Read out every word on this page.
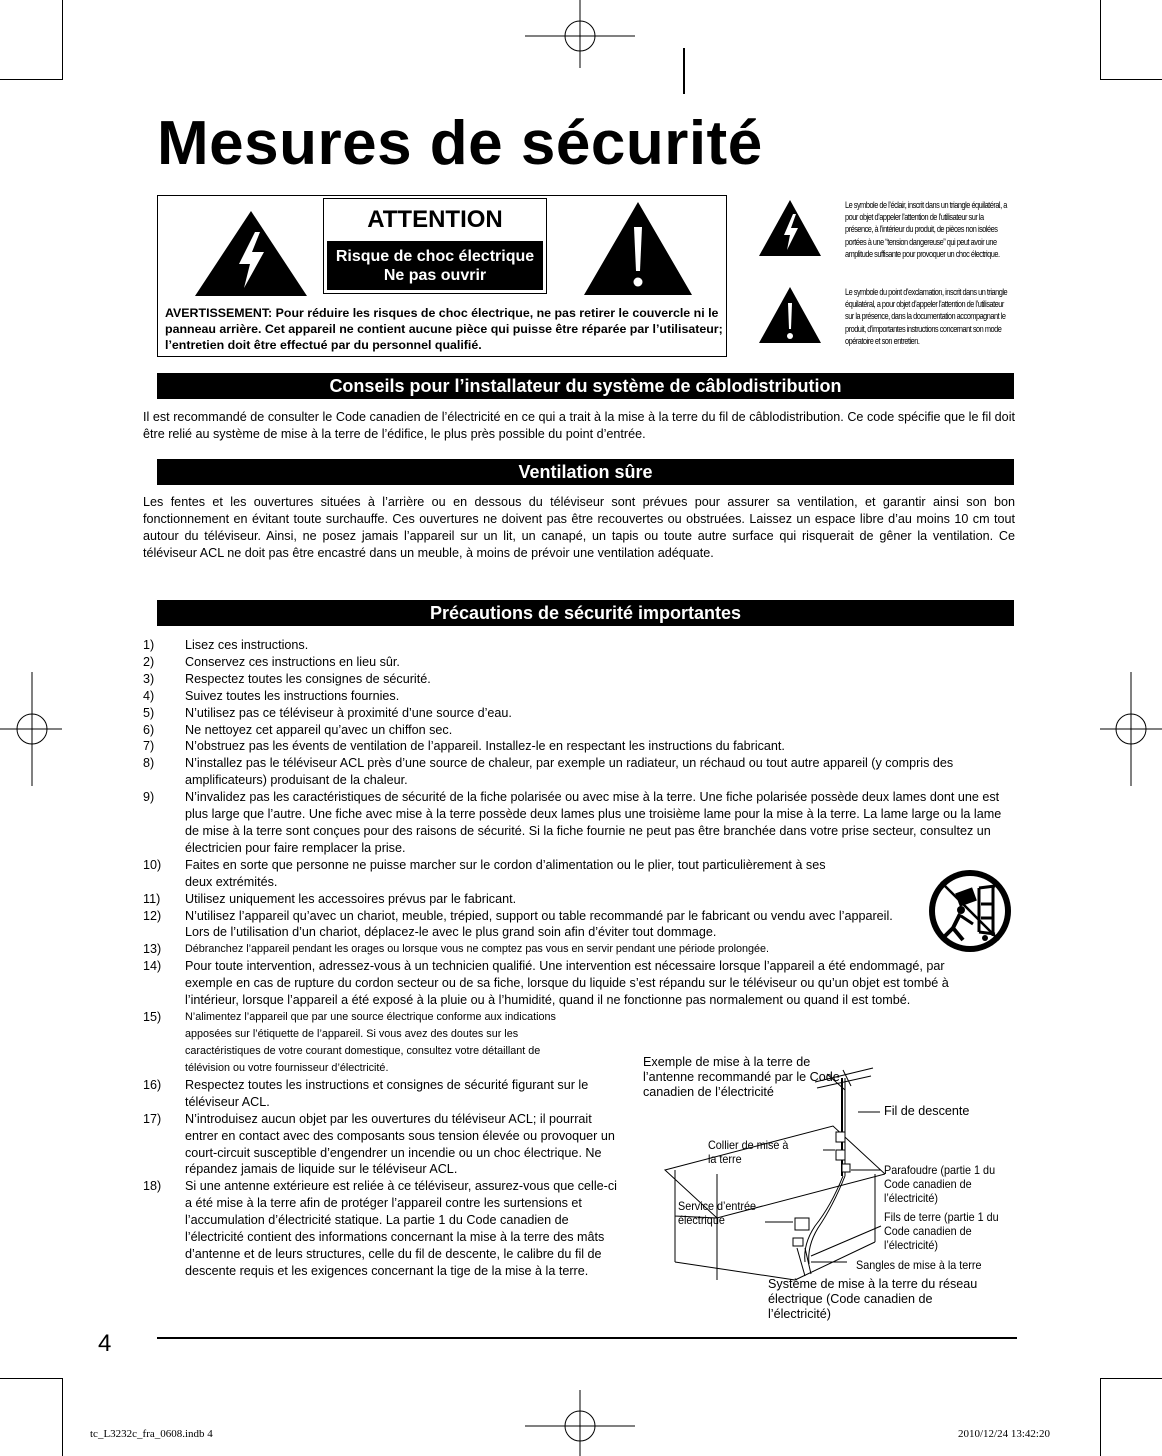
Mesures de sécurité
ATTENTION
Risque de choc électrique
Ne pas ouvrir
AVERTISSEMENT: Pour réduire les risques de choc électrique, ne pas retirer le couvercle ni le panneau arrière. Cet appareil ne contient aucune pièce qui puisse être réparée par l’utilisateur; l’entretien doit être effectué par du personnel qualifié.
Le symbole de l’éclair, inscrit dans un triangle équilatéral, a pour objet d’appeler l’attention de l’utilisateur sur la présence, à l’intérieur du produit, de pièces non isolées portées à une “tension dangereuse” qui peut avoir une amplitude suffisante pour provoquer un choc électrique.
Le symbole du point d’exclamation, inscrit dans un triangle équilatéral, a pour objet d’appeler l’attention de l’utilisateur sur la présence, dans la documentation accompagnant le produit, d’importantes instructions concernant son mode opératoire et son entretien.
Conseils pour l’installateur du système de câblodistribution
Il est recommandé de consulter le Code canadien de l’électricité en ce qui a trait à la mise à la terre du fil de câblodistribution. Ce code spécifie que le fil doit être relié au système de mise à la terre de l’édifice, le plus près possible du point d’entrée.
Ventilation sûre
Les fentes et les ouvertures situées à l’arrière ou en dessous du téléviseur sont prévues pour assurer sa ventilation, et garantir ainsi son bon fonctionnement en évitant toute surchauffe. Ces ouvertures ne doivent pas être recouvertes ou obstruées. Laissez un espace libre d’au moins 10 cm tout autour du téléviseur. Ainsi, ne posez jamais l’appareil sur un lit, un canapé, un tapis ou toute autre surface qui risquerait de gêner la ventilation. Ce téléviseur ACL ne doit pas être encastré dans un meuble, à moins de prévoir une ventilation adéquate.
Précautions de sécurité importantes
1)	Lisez ces instructions.
2)	Conservez ces instructions en lieu sûr.
3)	Respectez toutes les consignes de sécurité.
4)	Suivez toutes les instructions fournies.
5)	N’utilisez pas ce téléviseur à proximité d’une source d’eau.
6)	Ne nettoyez cet appareil qu’avec un chiffon sec.
7)	N’obstruez pas les évents de ventilation de l’appareil. Installez-le en respectant les instructions du fabricant.
8)	N’installez pas le téléviseur ACL près d’une source de chaleur, par exemple un radiateur, un réchaud ou tout autre appareil (y compris des amplificateurs) produisant de la chaleur.
9)	N’invalidez pas les caractéristiques de sécurité de la fiche polarisée ou avec mise à la terre. Une fiche polarisée possède deux lames dont une est plus large que l’autre. Une fiche avec mise à la terre possède deux lames plus une troisième lame pour la mise à la terre. La lame large ou la lame de mise à la terre sont conçues pour des raisons de sécurité. Si la fiche fournie ne peut pas être branchée dans votre prise secteur, consultez un électricien pour faire remplacer la prise.
10)	Faites en sorte que personne ne puisse marcher sur le cordon d’alimentation ou le plier, tout particulièrement à ses deux extrémités.
11)	Utilisez uniquement les accessoires prévus par le fabricant.
12)	N’utilisez l’appareil qu’avec un chariot, meuble, trépied, support ou table recommandé par le fabricant ou vendu avec l’appareil. Lors de l’utilisation d’un chariot, déplacez-le avec le plus grand soin afin d’éviter tout dommage.
13)	Débranchez l’appareil pendant les orages ou lorsque vous ne comptez pas vous en servir pendant une période prolongée.
14)	Pour toute intervention, adressez-vous à un technicien qualifié. Une intervention est nécessaire lorsque l’appareil a été endommagé, par exemple en cas de rupture du cordon secteur ou de sa fiche, lorsque du liquide s’est répandu sur le téléviseur ou qu’un objet est tombé à l’intérieur, lorsque l’appareil a été exposé à la pluie ou à l’humidité, quand il ne fonctionne pas normalement ou quand il est tombé.
15)	N’alimentez l’appareil que par une source électrique conforme aux indications apposées sur l’étiquette de l’appareil. Si vous avez des doutes sur les caractéristiques de votre courant domestique, consultez votre détaillant de télévision ou votre fournisseur d’électricité.
16)	Respectez toutes les instructions et consignes de sécurité figurant sur le téléviseur ACL.
17)	N’introduisez aucun objet par les ouvertures du téléviseur ACL; il pourrait entrer en contact avec des composants sous tension élevée ou provoquer un court-circuit susceptible d’engendrer un incendie ou un choc électrique. Ne répandez jamais de liquide sur le téléviseur ACL.
18)	Si une antenne extérieure est reliée à ce téléviseur, assurez-vous que celle-ci a été mise à la terre afin de protéger l’appareil contre les surtensions et l’accumulation d’électricité statique. La partie 1 du Code canadien de l’électricité contient des informations concernant la mise à la terre des mâts d’antenne et de leurs structures, celle du fil de descente, le calibre du fil de descente requis et les exigences concernant la tige de la mise à la terre.
Exemple de mise à la terre de l’antenne recommandé par le Code canadien de l’électricité
Fil de descente
Collier de mise à la terre
Service d’entrée électrique
Parafoudre (partie 1 du Code canadien de l’électricité)
Fils de terre (partie 1 du Code canadien de l’électricité)
Sangles de mise à la terre
Système de mise à la terre du réseau électrique (Code canadien de l’électricité)
4
tc_L3232c_fra_0608.indb 4	2010/12/24 13:42:20
